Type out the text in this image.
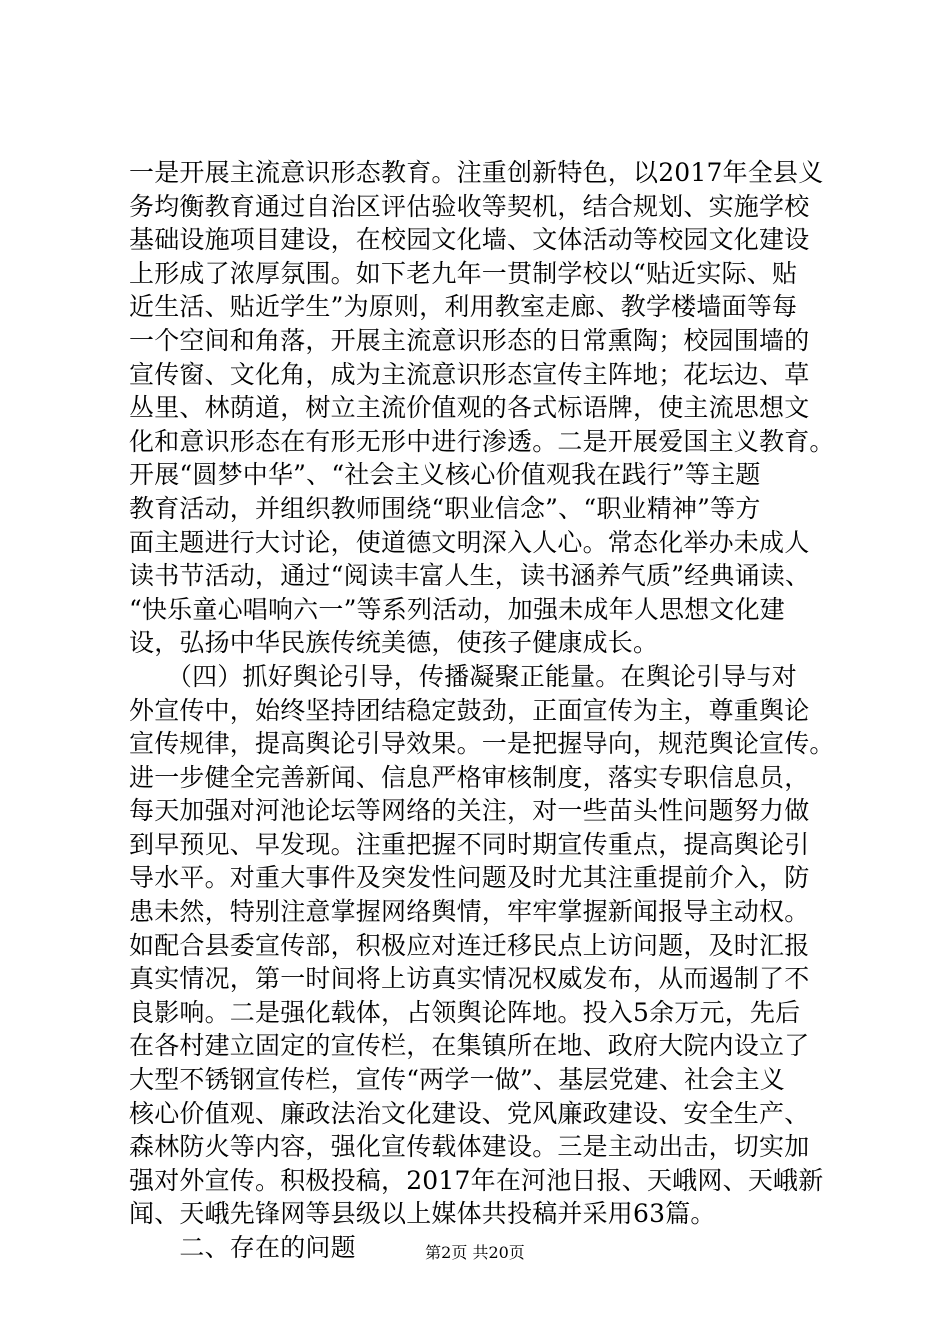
一是开展主流意识形态教育。注重创新特色，以2017年全县义
务均衡教育通过自治区评估验收等契机，结合规划、实施学校
基础设施项目建设，在校园文化墙、文体活动等校园文化建设
上形成了浓厚氛围。如下老九年一贯制学校以“贴近实际、贴
近生活、贴近学生”为原则，利用教室走廊、教学楼墙面等每
一个空间和角落，开展主流意识形态的日常熏陶；校园围墙的
宣传窗、文化角，成为主流意识形态宣传主阵地；花坛边、草
丛里、林荫道，树立主流价值观的各式标语牌，使主流思想文
化和意识形态在有形无形中进行渗透。二是开展爱国主义教育。
开展“圆梦中华”、“社会主义核心价值观我在践行”等主题
教育活动，并组织教师围绕“职业信念”、“职业精神”等方
面主题进行大讨论，使道德文明深入人心。常态化举办未成人
读书节活动，通过“阅读丰富人生，读书涵养气质”经典诵读、
“快乐童心唱响六一”等系列活动，加强未成年人思想文化建
设，弘扬中华民族传统美德，使孩子健康成长。
　　（四）抓好舆论引导，传播凝聚正能量。在舆论引导与对
外宣传中，始终坚持团结稳定鼓劲，正面宣传为主，尊重舆论
宣传规律，提高舆论引导效果。一是把握导向，规范舆论宣传。
进一步健全完善新闻、信息严格审核制度，落实专职信息员，
每天加强对河池论坛等网络的关注，对一些苗头性问题努力做
到早预见、早发现。注重把握不同时期宣传重点，提高舆论引
导水平。对重大事件及突发性问题及时尤其注重提前介入，防
患未然，特别注意掌握网络舆情，牢牢掌握新闻报导主动权。
如配合县委宣传部，积极应对连迁移民点上访问题，及时汇报
真实情况，第一时间将上访真实情况权威发布，从而遏制了不
良影响。二是强化载体，占领舆论阵地。投入5余万元，先后
在各村建立固定的宣传栏，在集镇所在地、政府大院内设立了
大型不锈钢宣传栏，宣传“两学一做”、基层党建、社会主义
核心价值观、廉政法治文化建设、党风廉政建设、安全生产、
森林防火等内容，强化宣传载体建设。三是主动出击，切实加
强对外宣传。积极投稿，2017年在河池日报、天峨网、天峨新
闻、天峨先锋网等县级以上媒体共投稿并采用63篇。
　　二、存在的问题	第2页 共20页
